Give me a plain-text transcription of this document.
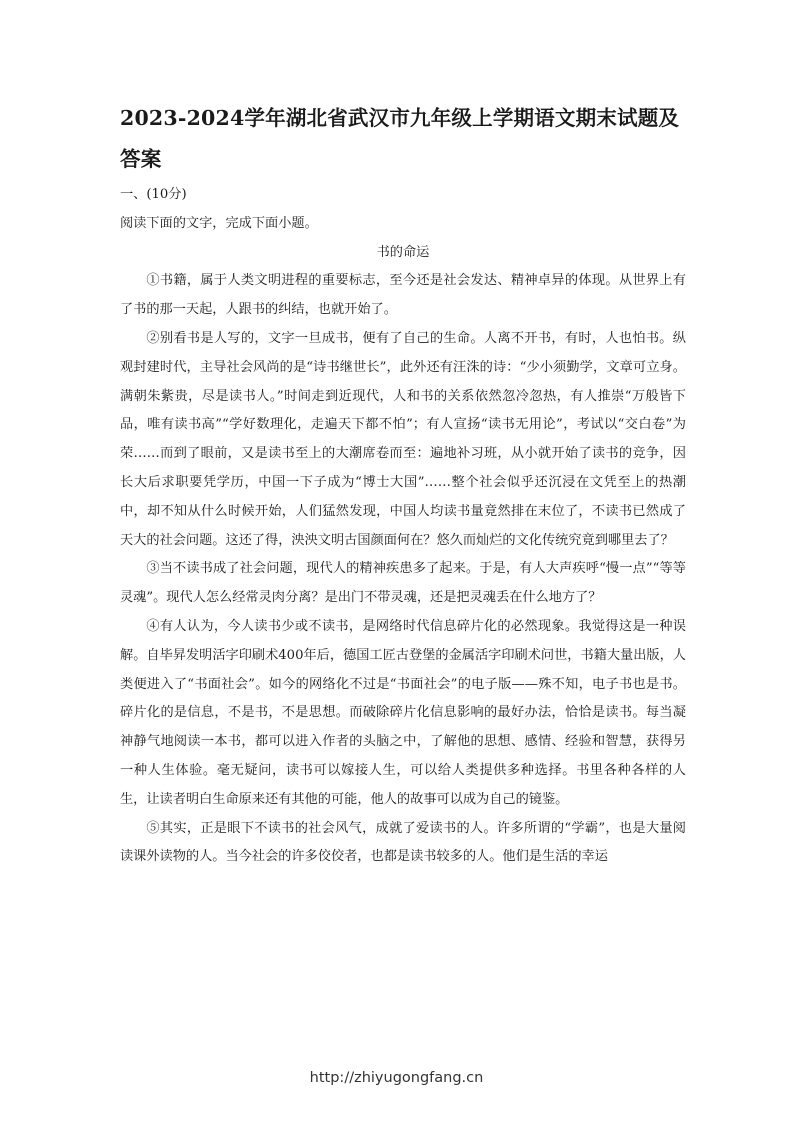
2023-2024学年湖北省武汉市九年级上学期语文期末试题及答案

一、(10分)

阅读下面的文字，完成下面小题。

书的命运

①书籍，属于人类文明进程的重要标志，至今还是社会发达、精神卓异的体现。从世界上有了书的那一天起，人跟书的纠结，也就开始了。

②别看书是人写的，文字一旦成书，便有了自己的生命。人离不开书，有时，人也怕书。纵观封建时代，主导社会风尚的是“诗书继世长”，此外还有汪洙的诗：“少小须勤学，文章可立身。满朝朱紫贵，尽是读书人。”时间走到近现代，人和书的关系依然忽冷忽热，有人推崇“万般皆下品，唯有读书高”“学好数理化，走遍天下都不怕”；有人宣扬“读书无用论”，考试以“交白卷”为荣……而到了眼前，又是读书至上的大潮席卷而至：遍地补习班，从小就开始了读书的竞争，因长大后求职要凭学历，中国一下子成为“博士大国”……整个社会似乎还沉浸在文凭至上的热潮中，却不知从什么时候开始，人们猛然发现，中国人均读书量竟然排在末位了，不读书已然成了天大的社会问题。这还了得，泱泱文明古国颜面何在？悠久而灿烂的文化传统究竟到哪里去了？

③当不读书成了社会问题，现代人的精神疾患多了起来。于是，有人大声疾呼“慢一点”“等等灵魂”。现代人怎么经常灵肉分离？是出门不带灵魂，还是把灵魂丢在什么地方了？

④有人认为，今人读书少或不读书，是网络时代信息碎片化的必然现象。我觉得这是一种误解。自毕昇发明活字印刷术400年后，德国工匠古登堡的金属活字印刷术问世，书籍大量出版，人类便进入了“书面社会”。如今的网络化不过是“书面社会”的电子版——殊不知，电子书也是书。碎片化的是信息，不是书，不是思想。而破除碎片化信息影响的最好办法，恰恰是读书。每当凝神静气地阅读一本书，都可以进入作者的头脑之中，了解他的思想、感情、经验和智慧，获得另一种人生体验。毫无疑问，读书可以嫁接人生，可以给人类提供多种选择。书里各种各样的人生，让读者明白生命原来还有其他的可能，他人的故事可以成为自己的镜鉴。

⑤其实，正是眼下不读书的社会风气，成就了爱读书的人。许多所谓的“学霸”，也是大量阅读课外读物的人。当今社会的许多佼佼者，也都是读书较多的人。他们是生活的幸运

http://zhiyugongfang.cn
